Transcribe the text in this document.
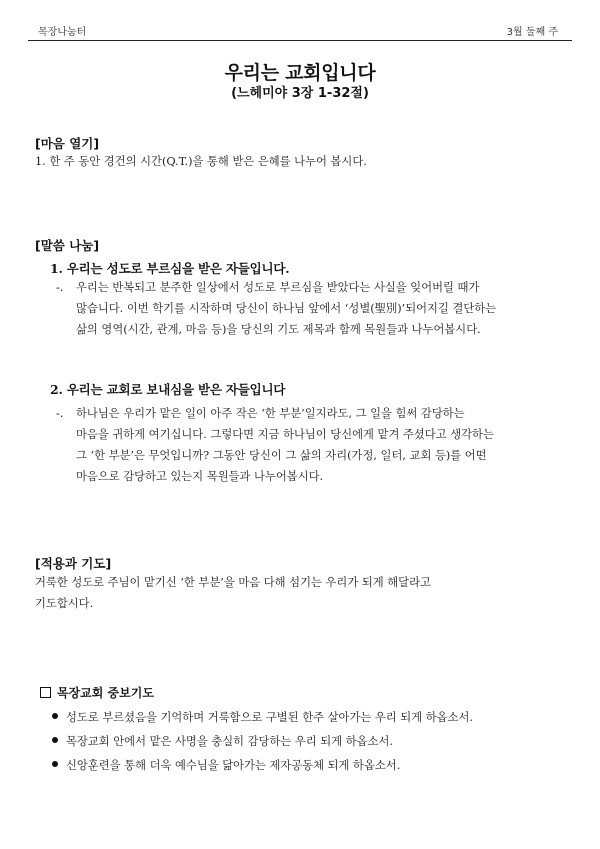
목장나눔터	3월 둘째 주
우리는 교회입니다
(느헤미야 3장 1-32절)
[마음 열기]
1. 한 주 동안 경건의 시간(Q.T.)을 통해 받은 은혜를 나누어 봅시다.
[말씀 나눔]
1. 우리는 성도로 부르심을 받은 자들입니다.
-. 우리는 반복되고 분주한 일상에서 성도로 부르심을 받았다는 사실을 잊어버릴 때가
많습니다. 이번 학기를 시작하며 당신이 하나님 앞에서 ‘성별(聖別)’되어지길 결단하는
삶의 영역(시간, 관계, 마음 등)을 당신의 기도 제목과 함께 목원들과 나누어봅시다.
2. 우리는 교회로 보내심을 받은 자들입니다
-. 하나님은 우리가 맡은 일이 아주 작은 ‘한 부분’일지라도, 그 일을 힘써 감당하는
마음을 귀하게 여기십니다. 그렇다면 지금 하나님이 당신에게 맡겨 주셨다고 생각하는
그 ‘한 부분’은 무엇입니까? 그동안 당신이 그 삶의 자리(가정, 일터, 교회 등)를 어떤
마음으로 감당하고 있는지 목원들과 나누어봅시다.
[적용과 기도]
거룩한 성도로 주님이 맡기신 ‘한 부분’을 마음 다해 섬기는 우리가 되게 해달라고
기도합시다.
목장교회 중보기도
성도로 부르셨음을 기억하며 거룩함으로 구별된 한주 살아가는 우리 되게 하옵소서.
목장교회 안에서 맡은 사명을 충실히 감당하는 우리 되게 하옵소서.
신앙훈련을 통해 더욱 예수님을 닮아가는 제자공동체 되게 하옵소서.
